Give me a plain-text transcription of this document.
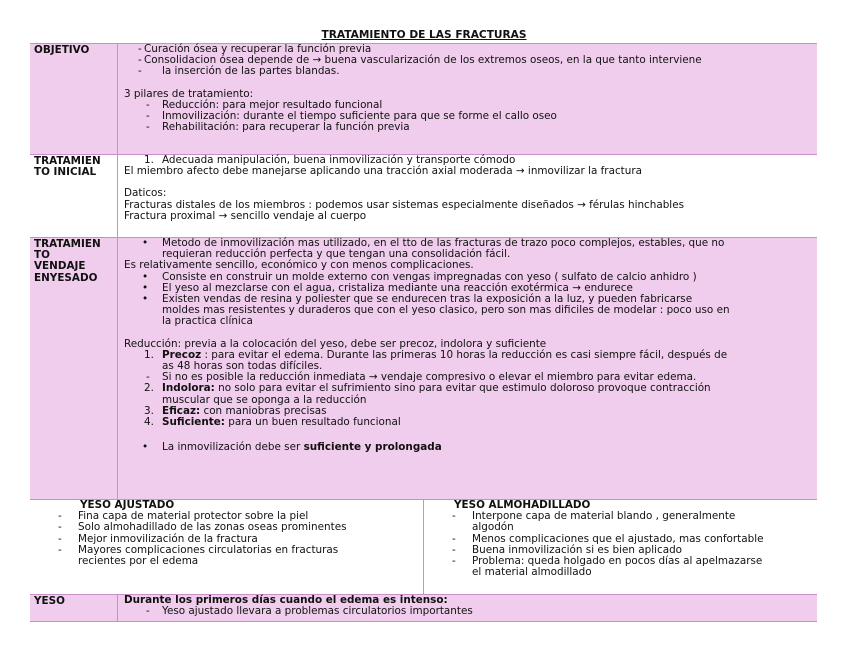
TRATAMIENTO DE LAS FRACTURAS
OBJETIVO
-	Curación ósea y recuperar la función previa
- Consolidacion ósea depende de → buena vascularización de los extremos oseos, en la que tanto interviene
- la inserción de las partes blandas.
3 pilares de tratamiento:
- Reducción: para mejor resultado funcional
- Inmovilización: durante el tiempo suficiente para que se forme el callo oseo
- Rehabilitación: para recuperar la función previa
TRATAMIEN
TO INICIAL
1. Adecuada manipulación, buena inmovilización y transporte cómodo
El miembro afecto debe manejarse aplicando una tracción axial moderada → inmovilizar la fractura
Daticos:
Fracturas distales de los miembros : podemos usar sistemas especialmente diseñados → férulas hinchables
Fractura proximal → sencillo vendaje al cuerpo
TRATAMIEN
TO
VENDAJE
ENYESADO
• Metodo de inmovilización mas utilizado, en el tto de las fracturas de trazo poco complejos, estables, que no
requieran reducción perfecta y que tengan una consolidación fácil.
Es relativamente sencillo, económico y con menos complicaciones.
• Consiste en construir un molde externo con vengas impregnadas con yeso ( sulfato de calcio anhidro )
• El yeso al mezclarse con el agua, cristaliza mediante una reacción exotérmica → endurece
• Existen vendas de resina y poliester que se endurecen tras la exposición a la luz, y pueden fabricarse
moldes mas resistentes y duraderos que con el yeso clasico, pero son mas dificiles de modelar : poco uso en
la practica clínica
Reducción: previa a la colocación del yeso, debe ser precoz, indolora y suficiente
1. Precoz : para evitar el edema. Durante las primeras 10 horas la reducción es casi siempre fácil, después de
as 48 horas son todas difíciles.
- Si no es posible la reducción inmediata → vendaje compresivo o elevar el miembro para evitar edema.
2. Indolora: no solo para evitar el sufrimiento sino para evitar que estimulo doloroso provoque contracción
muscular que se oponga a la reducción
3. Eficaz: con maniobras precisas
4. Suficiente: para un buen resultado funcional
• La inmovilización debe ser suficiente y prolongada
YESO AJUSTADO
- Fina capa de material protector sobre la piel
- Solo almohadillado de las zonas oseas prominentes
- Mejor inmovilización de la fractura
- Mayores complicaciones circulatorias en fracturas
recientes por el edema
YESO ALMOHADILLADO
- Interpone capa de material blando , generalmente
algodón
- Menos complicaciones que el ajustado, mas confortable
- Buena inmovilización si es bien aplicado
- Problema: queda holgado en pocos días al apelmazarse
el material almodillado
YESO	Durante los primeros días cuando el edema es intenso:
- Yeso ajustado llevara a problemas circulatorios importantes
